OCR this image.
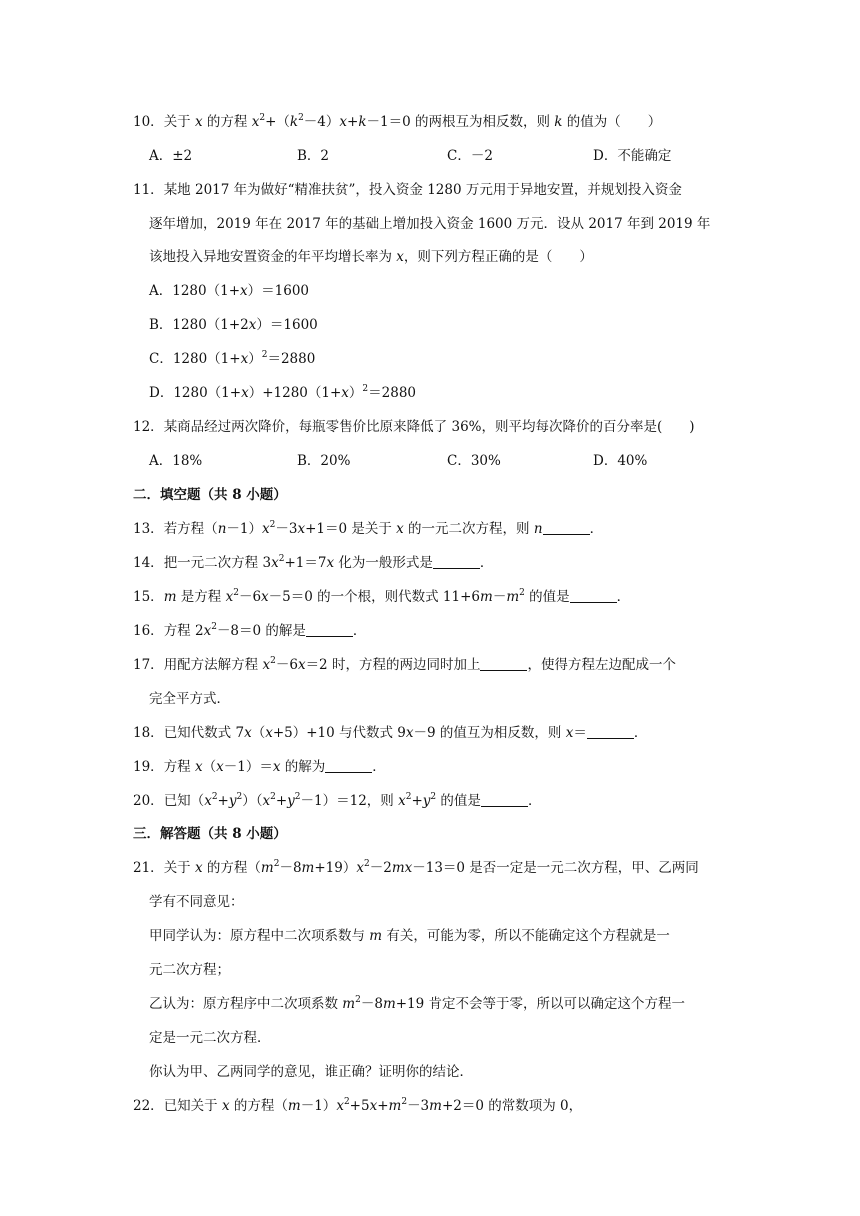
10．关于 x 的方程 $x^2+(k^2-4)x+k-1=0$ 的两根互为相反数，则 k 的值为（　　）
A．±2	B．2	C．－2	D．不能确定
11．某地 2017 年为做好“精准扶贫”，投入资金 1280 万元用于异地安置，并规划投入资金
逐年增加，2019 年在 2017 年的基础上增加投入资金 1600 万元．设从 2017 年到 2019 年
该地投入异地安置资金的年平均增长率为 x，则下列方程正确的是（　　）
A．1280（1+x）＝1600
B．1280（1+2x）＝1600
C．$1280(1+x)^2=2880$
D．$1280(1+x)+1280(1+x)^2=2880$
12．某商品经过两次降价，每瓶零售价比原来降低了 36%，则平均每次降价的百分率是(　　)
A．18%	B．20%	C．30%	D．40%
二．填空题（共 8 小题）
13．若方程$(n-1)x^2-3x+1=0$ 是关于 x 的一元二次方程，则 n	．
14．把一元二次方程 $3x^2+1=7x$ 化为一般形式是	．
15．m 是方程 $x^2-6x-5=0$ 的一个根，则代数式 $11+6m-m^2$ 的值是	．
16．方程 $2x^2-8=0$ 的解是	．
17．用配方法解方程 $x^2-6x=2$ 时，方程的两边同时加上	，使得方程左边配成一个
完全平方式．
18．已知代数式 7x（x+5）+10 与代数式 9x－9 的值互为相反数，则 x＝	．
19．方程 x（x－1）＝x 的解为	．
20．已知$(x^2+y^2)(x^2+y^2-1)=12$，则 $x^2+y^2$ 的值是	．
三．解答题（共 8 小题）
21．关于 x 的方程$(m^2-8m+19)x^2-2mx-13=0$ 是否一定是一元二次方程，甲、乙两同
学有不同意见：
甲同学认为：原方程中二次项系数与 m 有关，可能为零，所以不能确定这个方程就是一
元二次方程；
乙认为：原方程序中二次项系数 $m^2-8m+19$ 肯定不会等于零，所以可以确定这个方程一
定是一元二次方程．
你认为甲、乙两同学的意见，谁正确？证明你的结论．
22．已知关于 x 的方程$(m-1)x^2+5x+m^2-3m+2=0$ 的常数项为 0，
